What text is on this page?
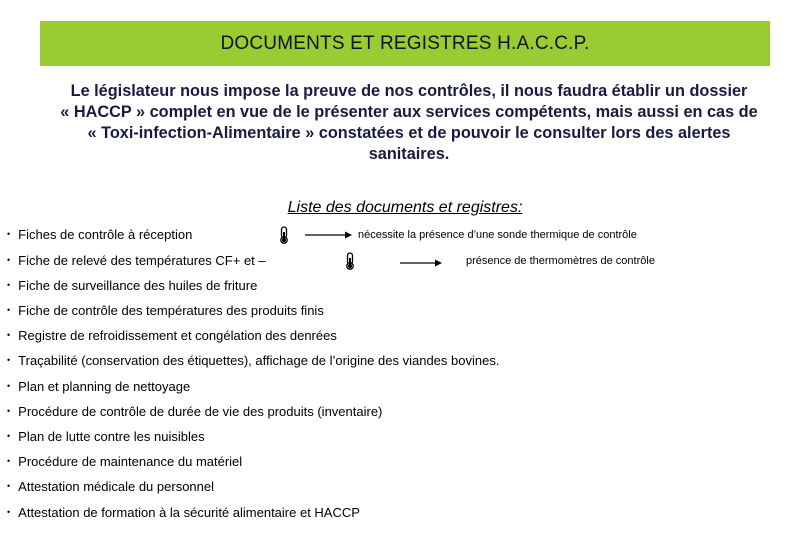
DOCUMENTS ET REGISTRES H.A.C.C.P.
Le législateur nous impose la preuve de nos contrôles, il nous faudra établir un dossier
« HACCP » complet en vue de le présenter aux services compétents, mais aussi en cas de
« Toxi-infection-Alimentaire » constatées et de pouvoir le consulter lors des alertes
sanitaires.
Liste des documents et registres:
• Fiches de contrôle à réception
• Fiche de relevé des températures CF+ et –
• Fiche de surveillance des huiles de friture
• Fiche de contrôle des températures des produits finis
• Registre de refroidissement et congélation des denrées
• Traçabilité (conservation des étiquettes), affichage de l’origine des viandes bovines.
• Plan et planning de nettoyage
• Procédure de contrôle de durée de vie des produits (inventaire)
• Plan de lutte contre les nuisibles
• Procédure de maintenance du matériel
• Attestation médicale du personnel
• Attestation de formation à la sécurité alimentaire et HACCP
nécessite la présence d’une sonde thermique de contrôle
présence de thermomètres de contrôle
